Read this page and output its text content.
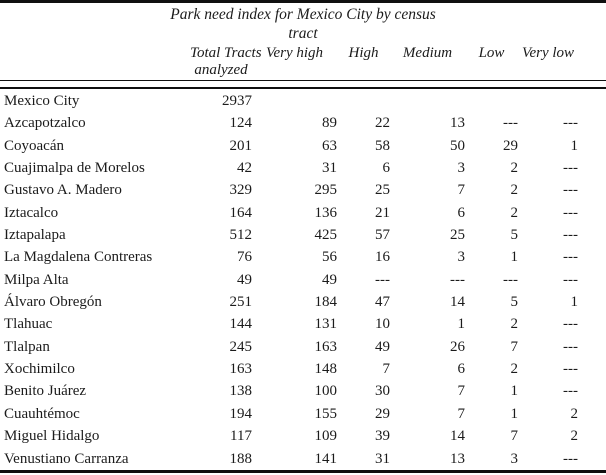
Park need index for Mexico City by census
tract						

	Total Tracts
analyzed	Very high	High	Medium	Low	Very low

Mexico City	2937					
Azcapotzalco	124	89	22	13	---	---
Coyoacán	201	63	58	50	29	1
Cuajimalpa de Morelos	42	31	6	3	2	---
Gustavo A. Madero	329	295	25	7	2	---
Iztacalco	164	136	21	6	2	---
Iztapalapa	512	425	57	25	5	---
La Magdalena Contreras	76	56	16	3	1	---
Milpa Alta	49	49	---	---	---	---
Álvaro Obregón	251	184	47	14	5	1
Tlahuac	144	131	10	1	2	---
Tlalpan	245	163	49	26	7	---
Xochimilco	163	148	7	6	2	---
Benito Juárez	138	100	30	7	1	---
Cuauhtémoc	194	155	29	7	1	2
Miguel Hidalgo	117	109	39	14	7	2
Venustiano Carranza	188	141	31	13	3	---
